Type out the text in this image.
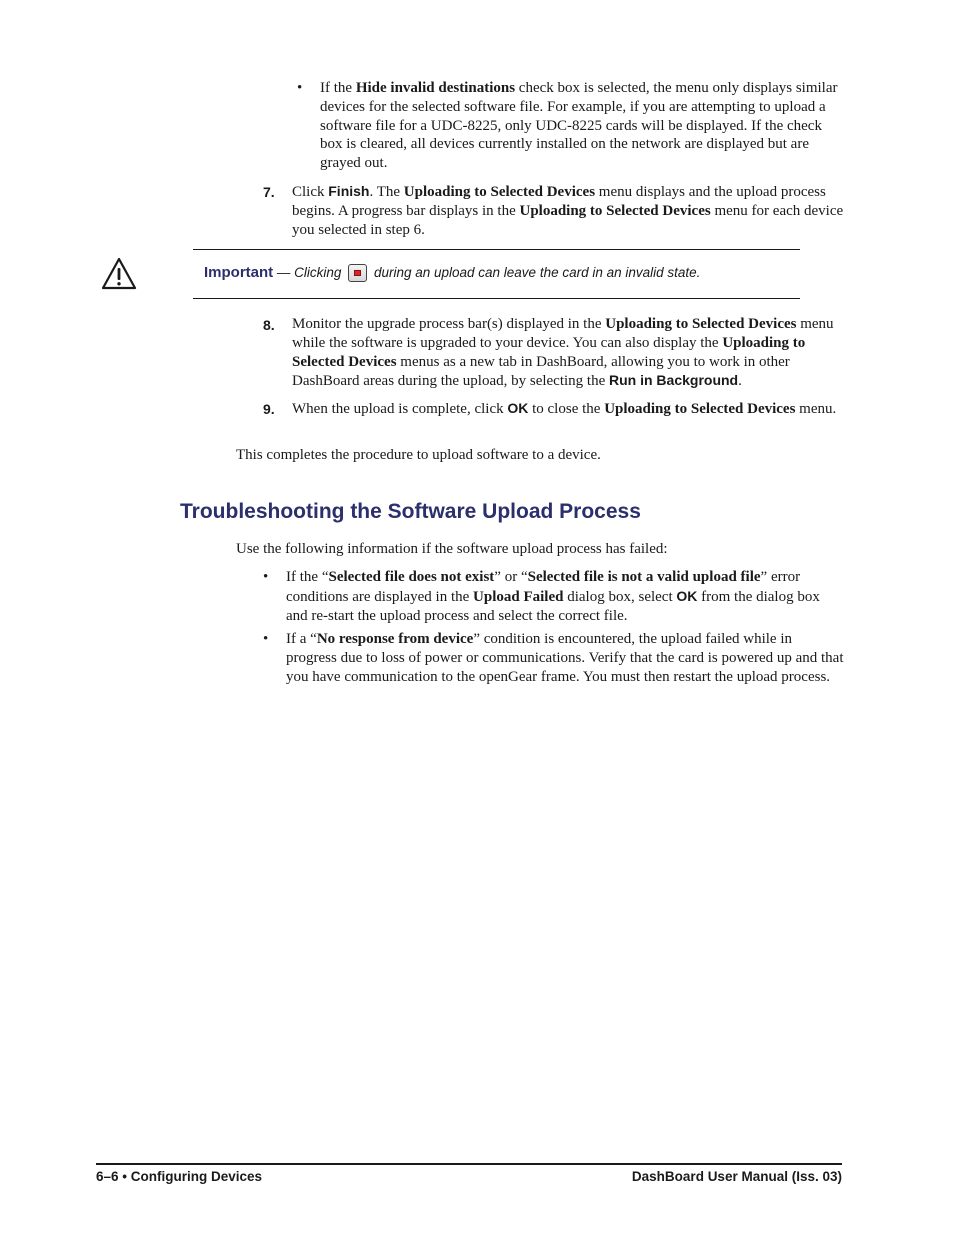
• If the Hide invalid destinations check box is selected, the menu only displays similar devices for the selected software file. For example, if you are attempting to upload a software file for a UDC-8225, only UDC-8225 cards will be displayed. If the check box is cleared, all devices currently installed on the network are displayed but are grayed out.
7. Click Finish. The Uploading to Selected Devices menu displays and the upload process begins. A progress bar displays in the Uploading to Selected Devices menu for each device you selected in step 6.
Important — Clicking
during an upload can leave the card in an invalid state.
8. Monitor the upgrade process bar(s) displayed in the Uploading to Selected Devices menu while the software is upgraded to your device. You can also display the Uploading to Selected Devices menus as a new tab in DashBoard, allowing you to work in other DashBoard areas during the upload, by selecting the Run in Background.
9. When the upload is complete, click OK to close the Uploading to Selected Devices menu.
This completes the procedure to upload software to a device.
Troubleshooting the Software Upload Process
Use the following information if the software upload process has failed:
• If the “Selected file does not exist” or “Selected file is not a valid upload file” error conditions are displayed in the Upload Failed dialog box, select OK from the dialog box and re-start the upload process and select the correct file.
• If a “No response from device” condition is encountered, the upload failed while in progress due to loss of power or communications. Verify that the card is powered up and that you have communication to the openGear frame. You must then restart the upload process.
6–6 • Configuring Devices	DashBoard User Manual (Iss. 03)
